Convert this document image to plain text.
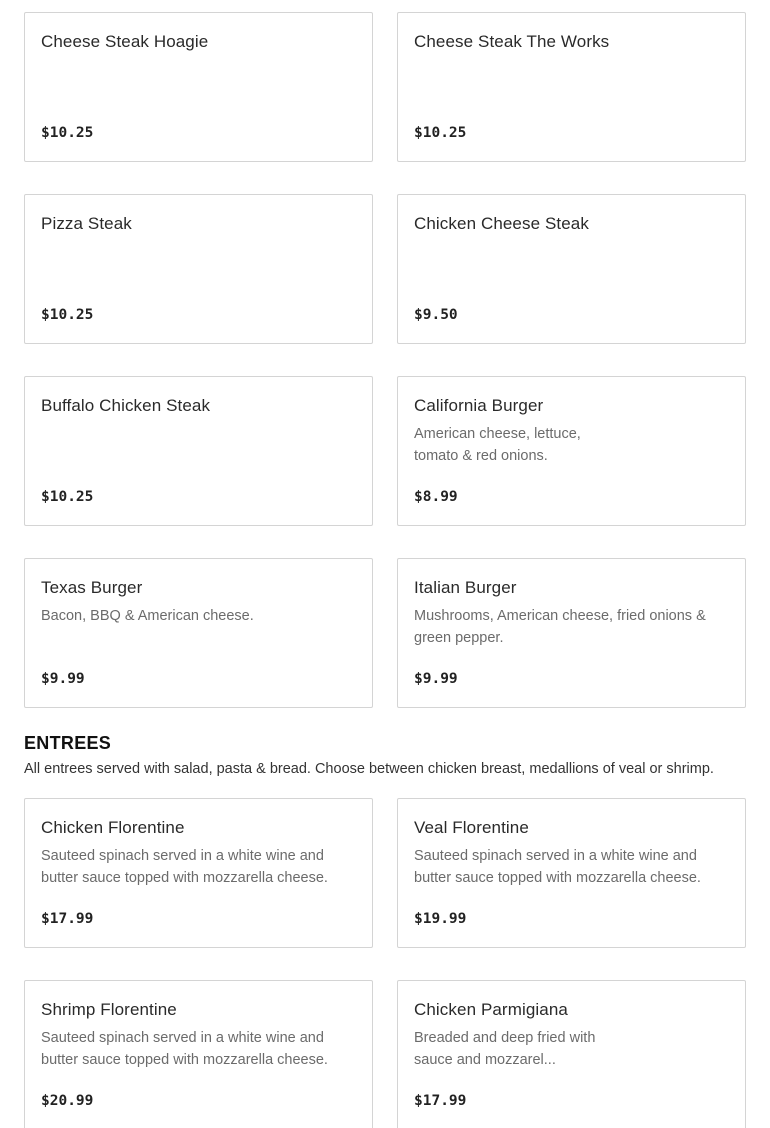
Cheese Steak Hoagie
$10.25
Cheese Steak The Works
$10.25
Pizza Steak
$10.25
Chicken Cheese Steak
$9.50
Buffalo Chicken Steak
$10.25
California Burger
American cheese, lettuce, tomato & red onions.
$8.99
Texas Burger
Bacon, BBQ & American cheese.
$9.99
Italian Burger
Mushrooms, American cheese, fried onions & green pepper.
$9.99
ENTREES

All entrees served with salad, pasta & bread. Choose between chicken breast, medallions of veal or shrimp.

Chicken Florentine
Sauteed spinach served in a white wine and butter sauce topped with mozzarella cheese.
$17.99
Veal Florentine
Sauteed spinach served in a white wine and butter sauce topped with mozzarella cheese.
$19.99
Shrimp Florentine
Sauteed spinach served in a white wine and butter sauce topped with mozzarella cheese.
$20.99
Chicken Parmigiana
Breaded and deep fried with sauce and mozzarel...
$17.99
